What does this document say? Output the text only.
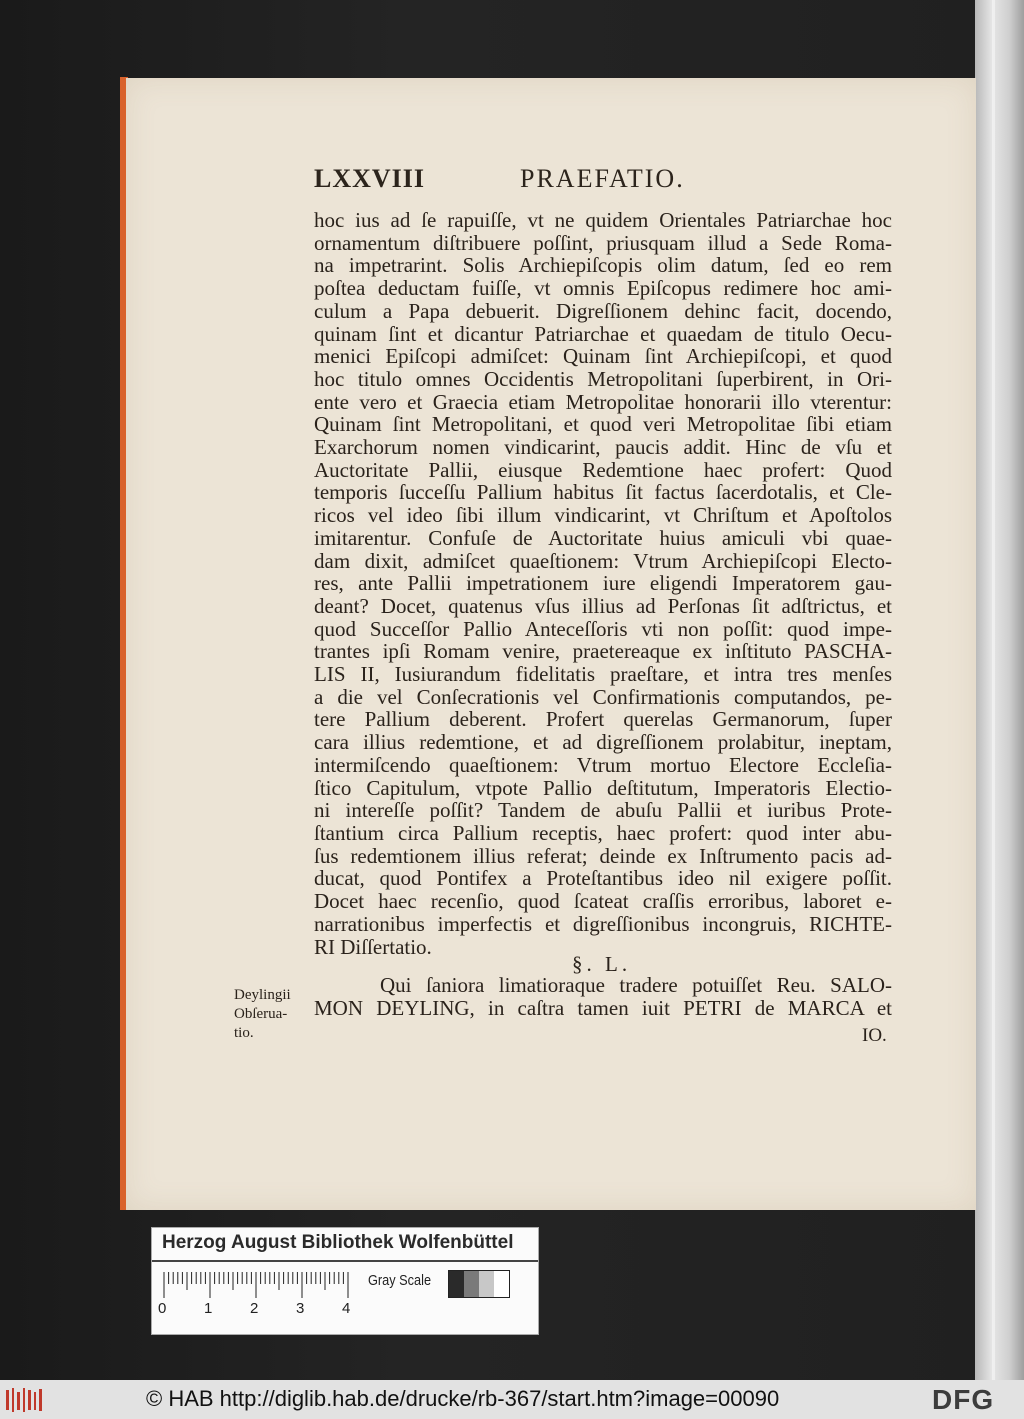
LXXVIII	PRAEFATIO.
hoc ius ad ſe rapuiſſe, vt ne quidem Orientales Patriarchae hoc
ornamentum diſtribuere poſſint, priusquam illud a Sede Roma-
na impetrarint. Solis Archiepiſcopis olim datum, ſed eo rem
poſtea deductam fuiſſe, vt omnis Epiſcopus redimere hoc ami-
culum a Papa debuerit. Digreſſionem dehinc facit, docendo,
quinam ſint et dicantur Patriarchae et quaedam de titulo Oecu-
menici Epiſcopi admiſcet: Quinam ſint Archiepiſcopi, et quod
hoc titulo omnes Occidentis Metropolitani ſuperbirent, in Ori-
ente vero et Graecia etiam Metropolitae honorarii illo vterentur:
Quinam ſint Metropolitani, et quod veri Metropolitae ſibi etiam
Exarchorum nomen vindicarint, paucis addit. Hinc de vſu et
Auctoritate Pallii, eiusque Redemtione haec profert: Quod
temporis ſucceſſu Pallium habitus ſit factus ſacerdotalis, et Cle-
ricos vel ideo ſibi illum vindicarint, vt Chriſtum et Apoſtolos
imitarentur. Confuſe de Auctoritate huius amiculi vbi quae-
dam dixit, admiſcet quaeſtionem: Vtrum Archiepiſcopi Electo-
res, ante Pallii impetrationem iure eligendi Imperatorem gau-
deant? Docet, quatenus vſus illius ad Perſonas ſit adſtrictus, et
quod Succeſſor Pallio Anteceſſoris vti non poſſit: quod impe-
trantes ipſi Romam venire, praetereaque ex inſtituto PASCHA-
LIS II, Iusiurandum fidelitatis praeſtare, et intra tres menſes
a die vel Conſecrationis vel Confirmationis computandos, pe-
tere Pallium deberent. Profert querelas Germanorum, ſuper
cara illius redemtione, et ad digreſſionem prolabitur, ineptam,
intermiſcendo quaeſtionem: Vtrum mortuo Electore Eccleſia-
ſtico Capitulum, vtpote Pallio deſtitutum, Imperatoris Electio-
ni intereſſe poſſit? Tandem de abuſu Pallii et iuribus Prote-
ſtantium circa Pallium receptis, haec profert: quod inter abu-
ſus redemtionem illius referat; deinde ex Inſtrumento pacis ad-
ducat, quod Pontifex a Proteſtantibus ideo nil exigere poſſit.
Docet haec recenſio, quod ſcateat craſſis erroribus, laboret e-
narrationibus imperfectis et digreſſionibus incongruis, RICHTE-
RI Diſſertatio.
§. L.
Deylingii
Obſerua-
tio.
Qui ſaniora limatioraque tradere potuiſſet Reu. SALO-
MON DEYLING, in caſtra tamen iuit PETRI de MARCA et
IO.
Herzog August Bibliothek Wolfenbüttel
0	1	2	3	4
Gray Scale
© HAB http://diglib.hab.de/drucke/rb-367/start.htm?image=00090	DFG
